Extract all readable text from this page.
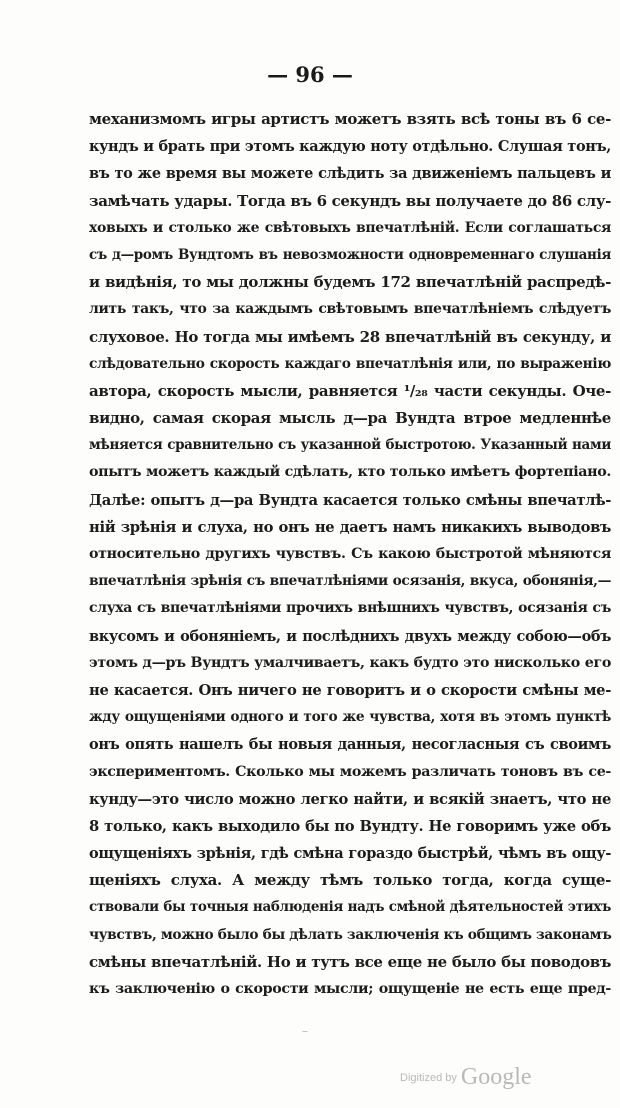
— 96 —
механизмомъ игры артистъ можетъ взять всѣ тоны въ 6 се-
кундъ и брать при этомъ каждую ноту отдѣльно. Слушая тонъ,
въ то же время вы можете слѣдить за движеніемъ пальцевъ и
замѣчать удары. Тогда въ 6 секундъ вы получаете до 86 слу-
ховыхъ и столько же свѣтовыхъ впечатлѣній. Если соглашаться
съ д—ромъ Вундтомъ въ невозможности одновременнаго слушанія
и видѣнія, то мы должны будемъ 172 впечатлѣній распредѣ-
лить такъ, что за каждымъ свѣтовымъ впечатлѣніемъ слѣдуетъ
слуховое. Но тогда мы имѣемъ 28 впечатлѣній въ секунду, и
слѣдовательно скорость каждаго впечатлѣнія или, по выраженію
автора, скорость мысли, равняется ¹/₂₈ части секунды. Оче-
видно, самая скорая мысль д—ра Вундта втрое медленнѣе
мѣняется сравнительно съ указанной быстротою. Указанный нами
опытъ можетъ каждый сдѣлать, кто только имѣетъ фортепіано.
Далѣе: опытъ д—ра Вундта касается только смѣны впечатлѣ-
ній зрѣнія и слуха, но онъ не даетъ намъ никакихъ выводовъ
относительно другихъ чувствъ. Съ какою быстротой мѣняются
впечатлѣнія зрѣнія съ впечатлѣніями осязанія, вкуса, обонянія,—
слуха съ впечатлѣніями прочихъ внѣшнихъ чувствъ, осязанія съ
вкусомъ и обоняніемъ, и послѣднихъ двухъ между собою—объ
этомъ д—ръ Вундтъ умалчиваетъ, какъ будто это нисколько его
не касается. Онъ ничего не говоритъ и о скорости смѣны ме-
жду ощущеніями одного и того же чувства, хотя въ этомъ пунктѣ
онъ опять нашелъ бы новыя данныя, несогласныя съ своимъ
экспериментомъ. Сколько мы можемъ различать тоновъ въ се-
кунду—это число можно легко найти, и всякій знаетъ, что не
8 только, какъ выходило бы по Вундту. Не говоримъ уже объ
ощущеніяхъ зрѣнія, гдѣ смѣна гораздо быстрѣй, чѣмъ въ ощу-
щеніяхъ слуха. А между тѣмъ только тогда, когда суще-
ствовали бы точныя наблюденія надъ смѣной дѣятельностей этихъ
чувствъ, можно было бы дѣлать заключенія къ общимъ законамъ
смѣны впечатлѣній. Но и тутъ все еще не было бы поводовъ
къ заключенію о скорости мысли; ощущеніе не есть еще пред-
–
Digitized by Google
